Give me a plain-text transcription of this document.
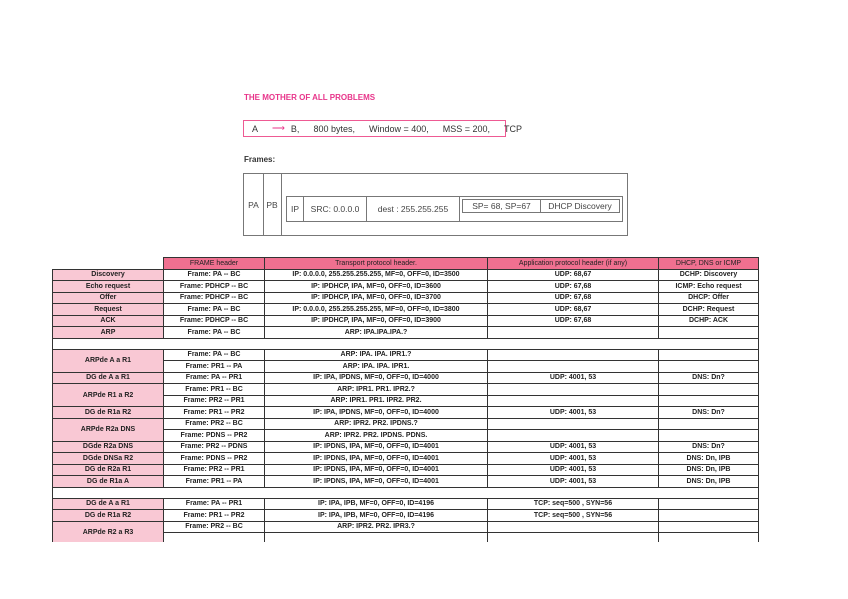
THE MOTHER OF ALL PROBLEMS
A ⟶ B, 800 bytes, Window = 400, MSS = 200, TCP
Frames:
PA PB	IP	SRC: 0.0.0.0	dest : 255.255.255	SP= 68, SP=67	DHCP Discovery
	FRAME header	Transport protocol header.	Application protocol header (if any)	DHCP, DNS or ICMP
Discovery	Frame: PA -- BC	IP: 0.0.0.0, 255.255.255.255, MF=0, OFF=0, ID=3500	UDP: 68,67	DCHP: Discovery
Echo request	Frame: PDHCP -- BC	IP: IPDHCP, IPA, MF=0, OFF=0, ID=3600	UDP: 67,68	ICMP: Echo request
Offer	Frame: PDHCP -- BC	IP: IPDHCP, IPA, MF=0, OFF=0, ID=3700	UDP: 67,68	DHCP: Offer
Request	Frame: PA -- BC	IP: 0.0.0.0, 255.255.255.255, MF=0, OFF=0, ID=3800	UDP: 68,67	DCHP: Request
ACK	Frame: PDHCP -- BC	IP: IPDHCP, IPA, MF=0, OFF=0, ID=3900	UDP: 67,68	DCHP: ACK
ARP	Frame: PA -- BC	ARP: IPA.IPA.IPA.?		

ARPde A a R1	Frame: PA -- BC	ARP: IPA. IPA. IPR1.?		
	Frame: PR1 -- PA	ARP: IPA. IPA. IPR1.		
DG de A a R1	Frame: PA -- PR1	IP: IPA, IPDNS, MF=0, OFF=0, ID=4000	UDP: 4001, 53	DNS: Dn?
ARPde R1 a R2	Frame: PR1 -- BC	ARP: IPR1. PR1. IPR2.?		
	Frame: PR2 -- PR1	ARP: IPR1. PR1. IPR2. PR2.		
DG de R1a R2	Frame: PR1 -- PR2	IP: IPA, IPDNS, MF=0, OFF=0, ID=4000	UDP: 4001, 53	DNS: Dn?
ARPde R2a DNS	Frame: PR2 -- BC	ARP: IPR2. PR2. IPDNS.?		
	Frame: PDNS -- PR2	ARP: IPR2. PR2. IPDNS. PDNS.		
DGde R2a DNS	Frame: PR2 -- PDNS	IP: IPDNS, IPA, MF=0, OFF=0, ID=4001	UDP: 4001, 53	DNS: Dn?
DGde DNSa R2	Frame: PDNS -- PR2	IP: IPDNS, IPA, MF=0, OFF=0, ID=4001	UDP: 4001, 53	DNS: Dn, IPB
DG de R2a R1	Frame: PR2 -- PR1	IP: IPDNS, IPA, MF=0, OFF=0, ID=4001	UDP: 4001, 53	DNS: Dn, IPB
DG de R1a A	Frame: PR1 -- PA	IP: IPDNS, IPA, MF=0, OFF=0, ID=4001	UDP: 4001, 53	DNS: Dn, IPB

DG de A a R1	Frame: PA -- PR1	IP: IPA, IPB, MF=0, OFF=0, ID=4196	TCP: seq=500 , SYN=56	
DG de R1a R2	Frame: PR1 -- PR2	IP: IPA, IPB, MF=0, OFF=0, ID=4196	TCP: seq=500 , SYN=56	
ARPde R2 a R3	Frame: PR2 -- BC	ARP: IPR2. PR2. IPR3.?		
